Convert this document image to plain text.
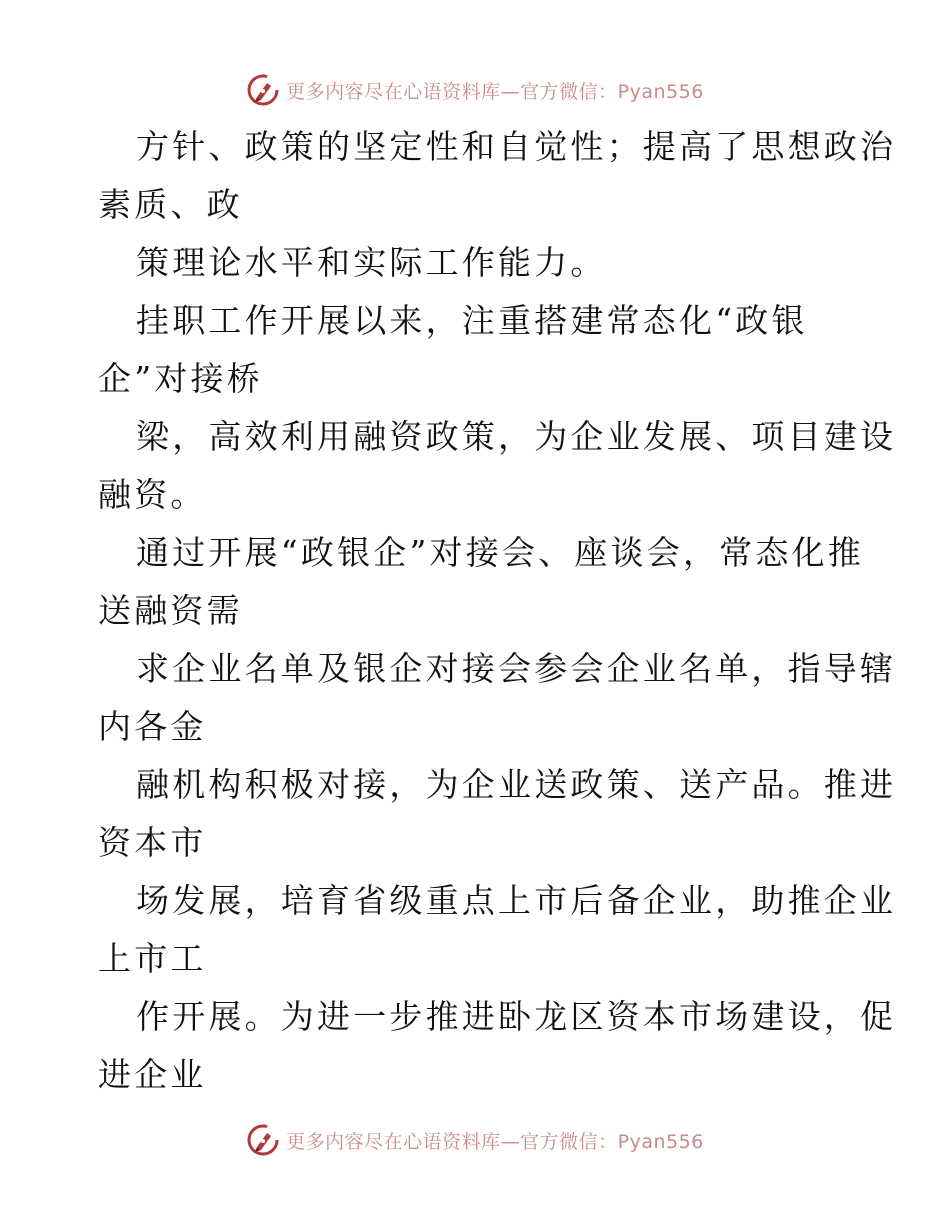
更多内容尽在心语资料库—官方微信：Pyan556
方针、政策的坚定性和自觉性；提高了思想政治
素质、政
策理论水平和实际工作能力。
挂职工作开展以来，注重搭建常态化“政银
企”对接桥
梁，高效利用融资政策，为企业发展、项目建设
融资。
通过开展“政银企”对接会、座谈会，常态化推
送融资需
求企业名单及银企对接会参会企业名单，指导辖
内各金
融机构积极对接，为企业送政策、送产品。推进
资本市
场发展，培育省级重点上市后备企业，助推企业
上市工
作开展。为进一步推进卧龙区资本市场建设，促
进企业
更多内容尽在心语资料库—官方微信：Pyan556
